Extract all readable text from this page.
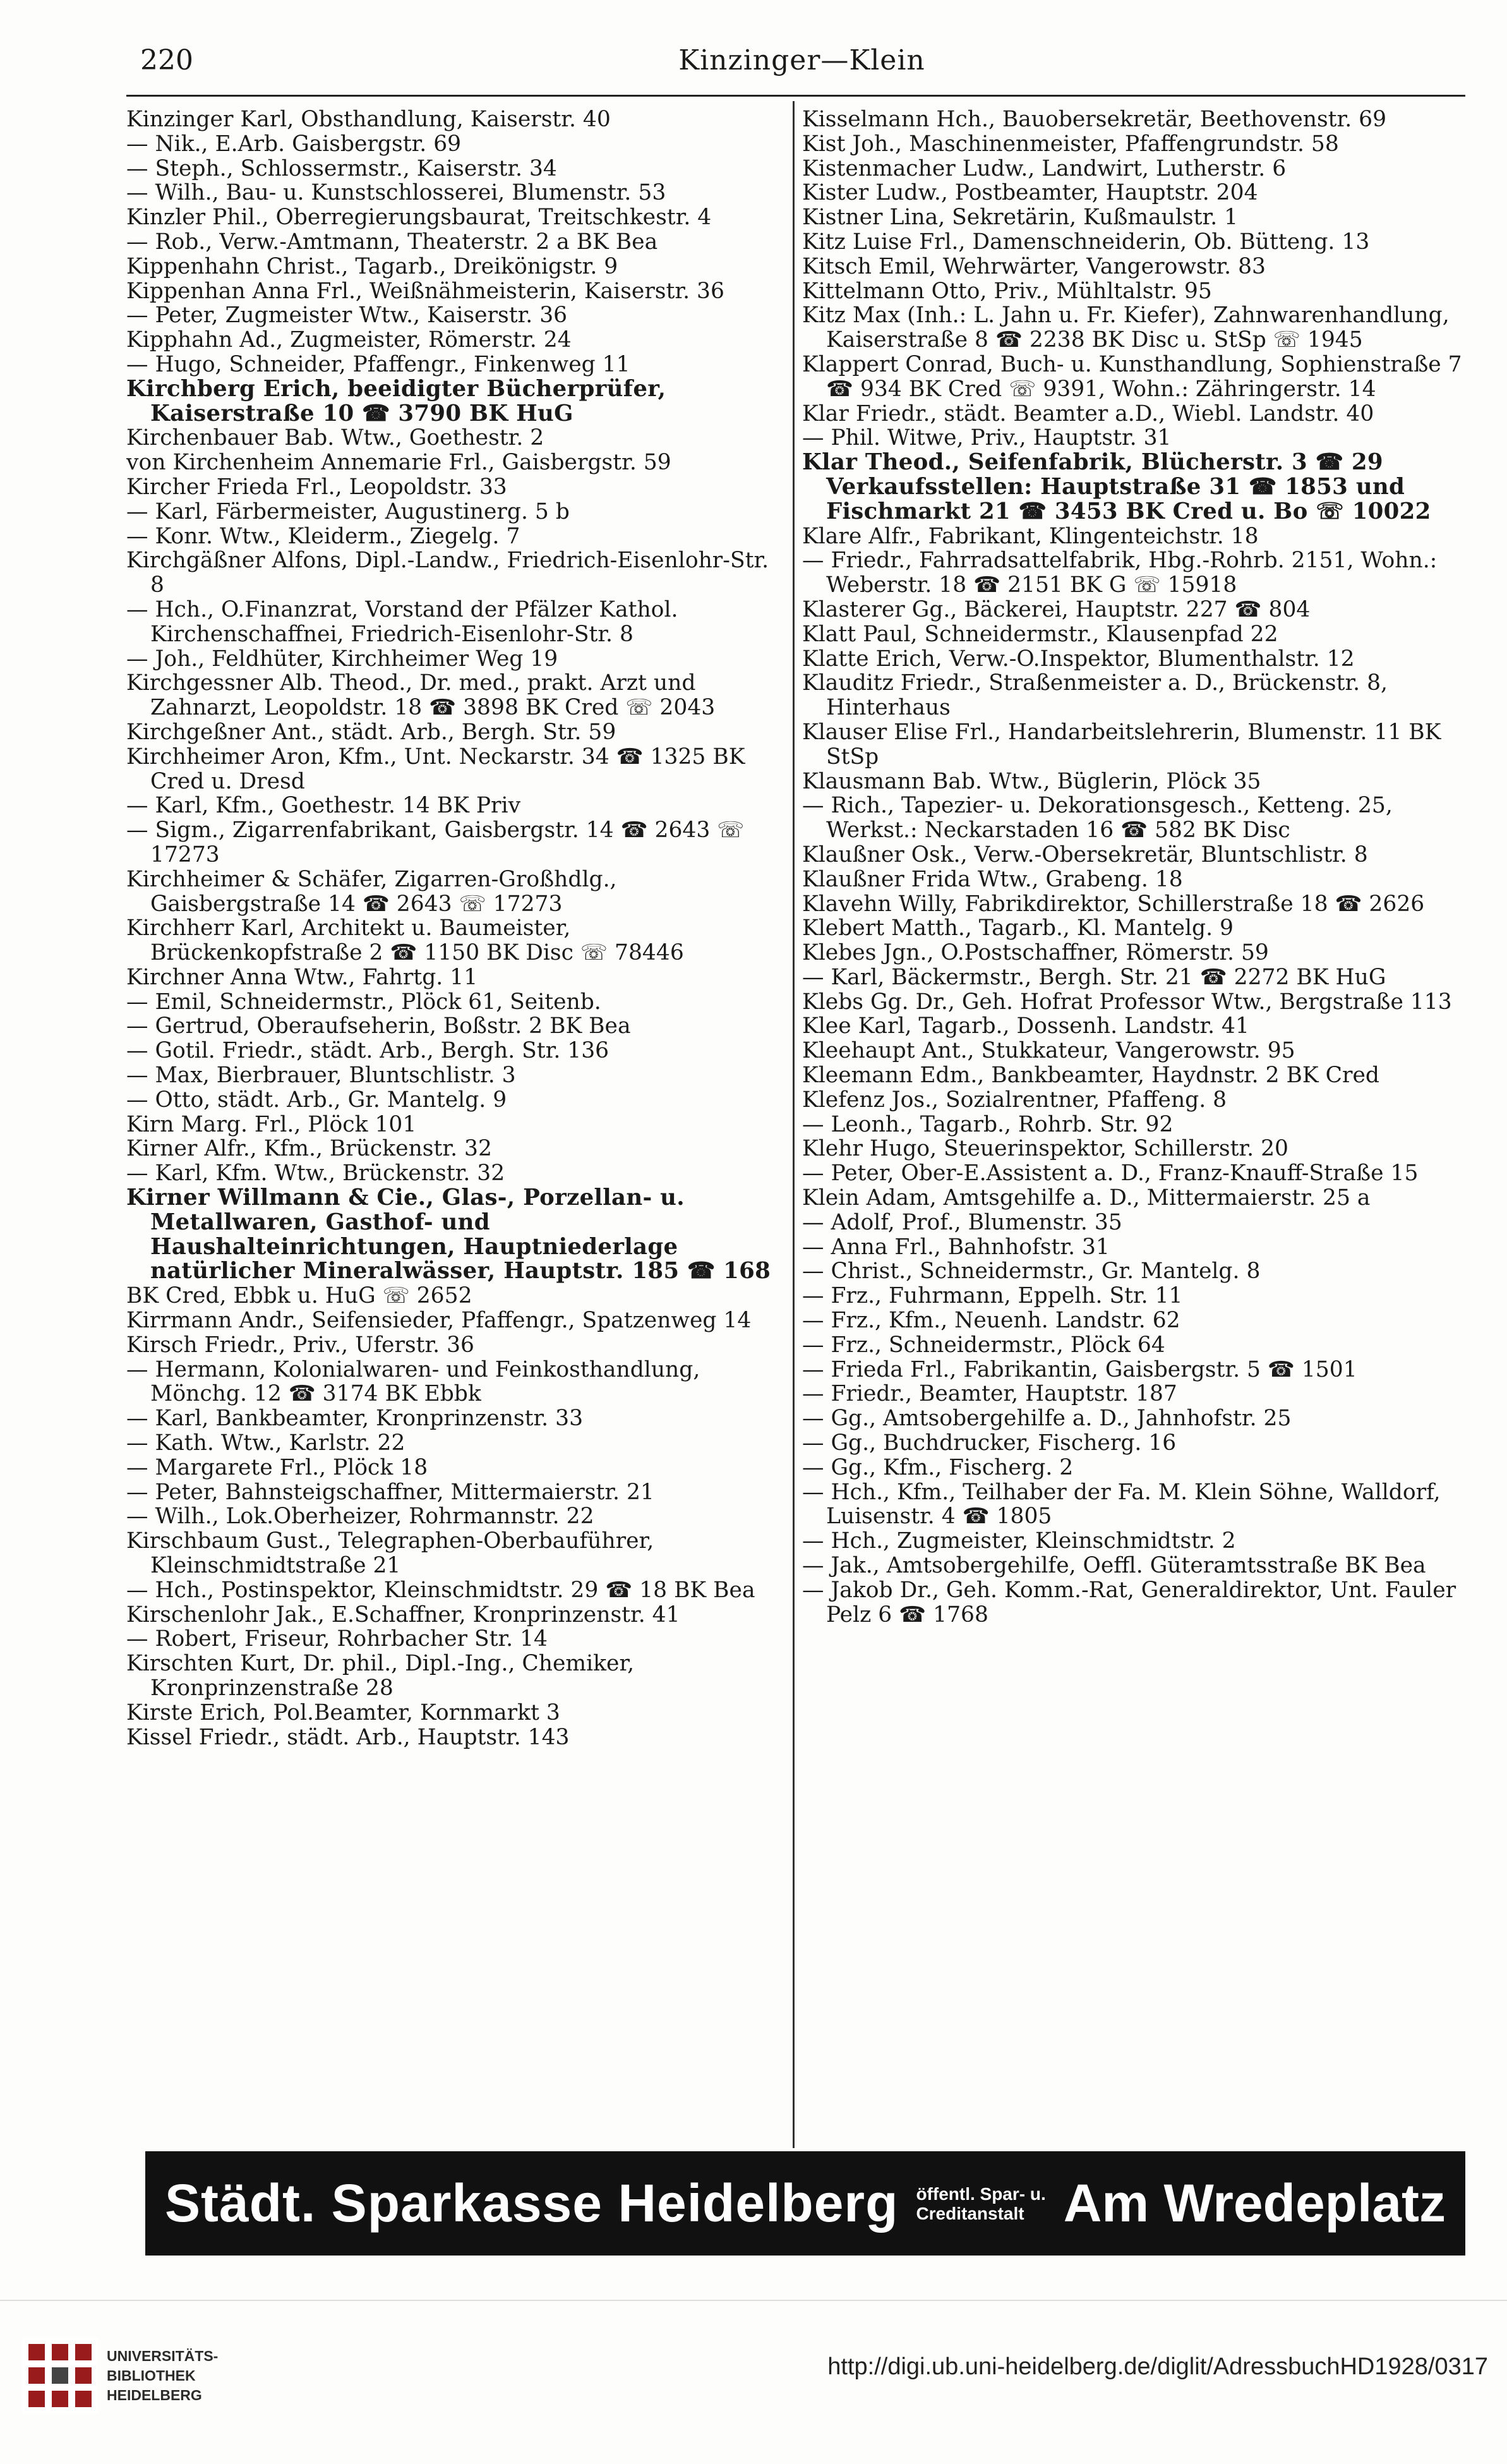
220	Kinzinger—Klein
Kinzinger Karl, Obsthandlung, Kaiserstr. 40
— Nik., E.Arb. Gaisbergstr. 69
— Steph., Schlossermstr., Kaiserstr. 34
— Wilh., Bau- u. Kunstschlosserei, Blumenstr. 53
Kinzler Phil., Oberregierungsbaurat, Treitschkestr. 4
— Rob., Verw.-Amtmann, Theaterstr. 2 a BK Bea
Kippenhahn Christ., Tagarb., Dreikönigstr. 9
Kippenhan Anna Frl., Weißnähmeisterin, Kaiserstr. 36
— Peter, Zugmeister Wtw., Kaiserstr. 36
Kipphahn Ad., Zugmeister, Römerstr. 24
— Hugo, Schneider, Pfaffengr., Finkenweg 11
Kirchberg Erich, beeidigter Bücherprüfer, Kaiserstraße 10 ☎ 3790 BK HuG
Kirchenbauer Bab. Wtw., Goethestr. 2
von Kirchenheim Annemarie Frl., Gaisbergstr. 59
Kircher Frieda Frl., Leopoldstr. 33
— Karl, Färbermeister, Augustinerg. 5 b
— Konr. Wtw., Kleiderm., Ziegelg. 7
Kirchgäßner Alfons, Dipl.-Landw., Friedrich-Eisenlohr-Str. 8
— Hch., O.Finanzrat, Vorstand der Pfälzer Kathol. Kirchenschaffnei, Friedrich-Eisenlohr-Str. 8
— Joh., Feldhüter, Kirchheimer Weg 19
Kirchgessner Alb. Theod., Dr. med., prakt. Arzt und Zahnarzt, Leopoldstr. 18 ☎ 3898 BK Cred ☏ 2043
Kirchgeßner Ant., städt. Arb., Bergh. Str. 59
Kirchheimer Aron, Kfm., Unt. Neckarstr. 34 ☎ 1325 BK Cred u. Dresd
— Karl, Kfm., Goethestr. 14 BK Priv
— Sigm., Zigarrenfabrikant, Gaisbergstr. 14 ☎ 2643 ☏ 17273
Kirchheimer & Schäfer, Zigarren-Großhdlg., Gaisbergstraße 14 ☎ 2643 ☏ 17273
Kirchherr Karl, Architekt u. Baumeister, Brückenkopfstraße 2 ☎ 1150 BK Disc ☏ 78446
Kirchner Anna Wtw., Fahrtg. 11
— Emil, Schneidermstr., Plöck 61, Seitenb.
— Gertrud, Oberaufseherin, Boßstr. 2 BK Bea
— Gotil. Friedr., städt. Arb., Bergh. Str. 136
— Max, Bierbrauer, Bluntschlistr. 3
— Otto, städt. Arb., Gr. Mantelg. 9
Kirn Marg. Frl., Plöck 101
Kirner Alfr., Kfm., Brückenstr. 32
— Karl, Kfm. Wtw., Brückenstr. 32
Kirner Willmann & Cie., Glas-, Porzellan- u. Metallwaren, Gasthof- und Haushalteinrichtungen, Hauptniederlage natürlicher Mineralwässer, Hauptstr. 185 ☎ 168
BK Cred, Ebbk u. HuG ☏ 2652
Kirrmann Andr., Seifensieder, Pfaffengr., Spatzenweg 14
Kirsch Friedr., Priv., Uferstr. 36
— Hermann, Kolonialwaren- und Feinkosthandlung, Mönchg. 12 ☎ 3174 BK Ebbk
— Karl, Bankbeamter, Kronprinzenstr. 33
— Kath. Wtw., Karlstr. 22
— Margarete Frl., Plöck 18
— Peter, Bahnsteigschaffner, Mittermaierstr. 21
— Wilh., Lok.Oberheizer, Rohrmannstr. 22
Kirschbaum Gust., Telegraphen-Oberbauführer, Kleinschmidtstraße 21
— Hch., Postinspektor, Kleinschmidtstr. 29 ☎ 18 BK Bea
Kirschenlohr Jak., E.Schaffner, Kronprinzenstr. 41
— Robert, Friseur, Rohrbacher Str. 14
Kirschten Kurt, Dr. phil., Dipl.-Ing., Chemiker, Kronprinzenstraße 28
Kirste Erich, Pol.Beamter, Kornmarkt 3
Kissel Friedr., städt. Arb., Hauptstr. 143
Kisselmann Hch., Bauobersekretär, Beethovenstr. 69
Kist Joh., Maschinenmeister, Pfaffengrundstr. 58
Kistenmacher Ludw., Landwirt, Lutherstr. 6
Kister Ludw., Postbeamter, Hauptstr. 204
Kistner Lina, Sekretärin, Kußmaulstr. 1
Kitz Luise Frl., Damenschneiderin, Ob. Bütteng. 13
Kitsch Emil, Wehrwärter, Vangerowstr. 83
Kittelmann Otto, Priv., Mühltalstr. 95
Kitz Max (Inh.: L. Jahn u. Fr. Kiefer), Zahnwarenhandlung, Kaiserstraße 8 ☎ 2238 BK Disc u. StSp ☏ 1945
Klappert Conrad, Buch- u. Kunsthandlung, Sophienstraße 7 ☎ 934 BK Cred ☏ 9391, Wohn.: Zähringerstr. 14
Klar Friedr., städt. Beamter a.D., Wiebl. Landstr. 40
— Phil. Witwe, Priv., Hauptstr. 31
Klar Theod., Seifenfabrik, Blücherstr. 3 ☎ 29 Verkaufsstellen: Hauptstraße 31 ☎ 1853 und Fischmarkt 21 ☎ 3453 BK Cred u. Bo ☏ 10022
Klare Alfr., Fabrikant, Klingenteichstr. 18
— Friedr., Fahrradsattelfabrik, Hbg.-Rohrb. 2151, Wohn.: Weberstr. 18 ☎ 2151 BK G ☏ 15918
Klasterer Gg., Bäckerei, Hauptstr. 227 ☎ 804
Klatt Paul, Schneidermstr., Klausenpfad 22
Klatte Erich, Verw.-O.Inspektor, Blumenthalstr. 12
Klauditz Friedr., Straßenmeister a. D., Brückenstr. 8, Hinterhaus
Klauser Elise Frl., Handarbeitslehrerin, Blumenstr. 11 BK StSp
Klausmann Bab. Wtw., Büglerin, Plöck 35
— Rich., Tapezier- u. Dekorationsgesch., Ketteng. 25, Werkst.: Neckarstaden 16 ☎ 582 BK Disc
Klaußner Osk., Verw.-Obersekretär, Bluntschlistr. 8
Klaußner Frida Wtw., Grabeng. 18
Klavehn Willy, Fabrikdirektor, Schillerstraße 18 ☎ 2626
Klebert Matth., Tagarb., Kl. Mantelg. 9
Klebes Jgn., O.Postschaffner, Römerstr. 59
— Karl, Bäckermstr., Bergh. Str. 21 ☎ 2272 BK HuG
Klebs Gg. Dr., Geh. Hofrat Professor Wtw., Bergstraße 113
Klee Karl, Tagarb., Dossenh. Landstr. 41
Kleehaupt Ant., Stukkateur, Vangerowstr. 95
Kleemann Edm., Bankbeamter, Haydnstr. 2 BK Cred
Klefenz Jos., Sozialrentner, Pfaffeng. 8
— Leonh., Tagarb., Rohrb. Str. 92
Klehr Hugo, Steuerinspektor, Schillerstr. 20
— Peter, Ober-E.Assistent a. D., Franz-Knauff-Straße 15
Klein Adam, Amtsgehilfe a. D., Mittermaierstr. 25 a
— Adolf, Prof., Blumenstr. 35
— Anna Frl., Bahnhofstr. 31
— Christ., Schneidermstr., Gr. Mantelg. 8
— Frz., Fuhrmann, Eppelh. Str. 11
— Frz., Kfm., Neuenh. Landstr. 62
— Frz., Schneidermstr., Plöck 64
— Frieda Frl., Fabrikantin, Gaisbergstr. 5 ☎ 1501
— Friedr., Beamter, Hauptstr. 187
— Gg., Amtsobergehilfe a. D., Jahnhofstr. 25
— Gg., Buchdrucker, Fischerg. 16
— Gg., Kfm., Fischerg. 2
— Hch., Kfm., Teilhaber der Fa. M. Klein Söhne, Walldorf, Luisenstr. 4 ☎ 1805
— Hch., Zugmeister, Kleinschmidtstr. 2
— Jak., Amtsobergehilfe, Oeffl. Güteramtsstraße BK Bea
— Jakob Dr., Geh. Komm.-Rat, Generaldirektor, Unt. Fauler Pelz 6 ☎ 1768
Städt. Sparkasse Heidelberg öffentl. Spar- u.
Creditanstalt Am Wredeplatz
UNIVERSITÄTS-
BIBLIOTHEK
HEIDELBERG
http://digi.ub.uni-heidelberg.de/diglit/AdressbuchHD1928/0317
